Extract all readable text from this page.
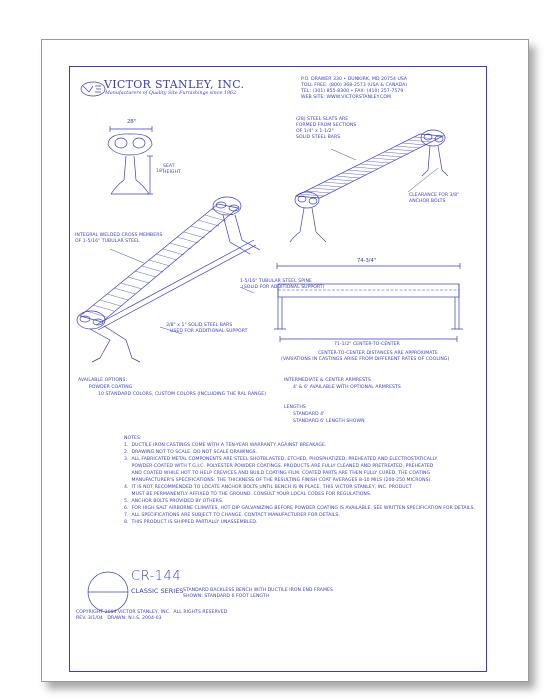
VICTOR STANLEY, INC.
Manufacturers of Quality Site Furnishings since 1962
P.O. DRAWER 330 • DUNKIRK, MD 20754 USA
TOLL FREE: (800) 368-2573 (USA & CANADA)
TEL: (301) 855-8300 • FAX: (410) 257-7579
WEB SITE: WWW.VICTORSTANLEY.COM
28"
18"
SEAT
HEIGHT
(28) STEEL SLATS ARE
FORMED FROM SECTIONS
OF 1/4" x 1-1/2"
SOLID STEEL BARS
CLEARANCE FOR 3/8"
ANCHOR BOLTS
INTEGRAL WELDED CROSS MEMBERS
OF 1-5/16" TUBULAR STEEL
1-5/16" TUBULAR STEEL SPINE
(SOLID FOR ADDITIONAL SUPPORT)
3/8" x 1" SOLID STEEL BARS
USED FOR ADDITIONAL SUPPORT
74-3/4"
71-1/2" CENTER-TO-CENTER
CENTER-TO-CENTER DISTANCES ARE APPROXIMATE
(VARIATIONS IN CASTINGS ARISE FROM DIFFERENT RATES OF COOLING)
AVAILABLE OPTIONS:
POWDER COATING
10 STANDARD COLORS, CUSTOM COLORS (INCLUDING THE RAL RANGE)
INTERMEDIATE & CENTER ARMRESTS
4' & 6' AVAILABLE WITH OPTIONAL ARMRESTS
LENGTHS
STANDARD 4'
STANDARD 6' LENGTH SHOWN
NOTES:
1.  DUCTILE IRON CASTINGS COME WITH A TEN-YEAR WARRANTY AGAINST BREAKAGE.
2.  DRAWING NOT TO SCALE. DO NOT SCALE DRAWINGS.
3.  ALL FABRICATED METAL COMPONENTS ARE STEEL SHOTBLASTED, ETCHED, PHOSPHATIZED, PREHEATED AND ELECTROSTATICALLY
POWDER-COATED WITH T.G.I.C. POLYESTER POWDER COATINGS. PRODUCTS ARE FULLY CLEANED AND PRETREATED, PREHEATED
AND COATED WHILE HOT TO HELP CREVICES AND BUILD COATING FILM. COATED PARTS ARE THEN FULLY CURED. THE COATING
MANUFACTURER'S SPECIFICATIONS: THE THICKNESS OF THE RESULTING FINISH COAT AVERAGES 8-10 MILS (200-250 MICRONS).
4.  IT IS NOT RECOMMENDED TO LOCATE ANCHOR BOLTS UNTIL BENCH IS IN PLACE. THIS VICTOR STANLEY, INC. PRODUCT
MUST BE PERMANENTLY AFFIXED TO THE GROUND. CONSULT YOUR LOCAL CODES FOR REGULATIONS.
5.  ANCHOR BOLTS PROVIDED BY OTHERS.
6.  FOR HIGH SALT AIRBORNE CLIMATES, HOT DIP GALVANIZING BEFORE POWDER COATING IS AVAILABLE. SEE WRITTEN SPECIFICATION FOR DETAILS.
7.  ALL SPECIFICATIONS ARE SUBJECT TO CHANGE. CONTACT MANUFACTURER FOR DETAILS.
8.  THIS PRODUCT IS SHIPPED PARTIALLY UNASSEMBLED.
CR-144
CLASSIC SERIES STANDARD BACKLESS BENCH WITH DUCTILE IRON END FRAMES
SHOWN: STANDARD 6 FOOT LENGTH
COPYRIGHT 2004 VICTOR STANLEY, INC.  ALL RIGHTS RESERVED
REV. 3/1/04   DRAWN: N.I.S. 2004-03
